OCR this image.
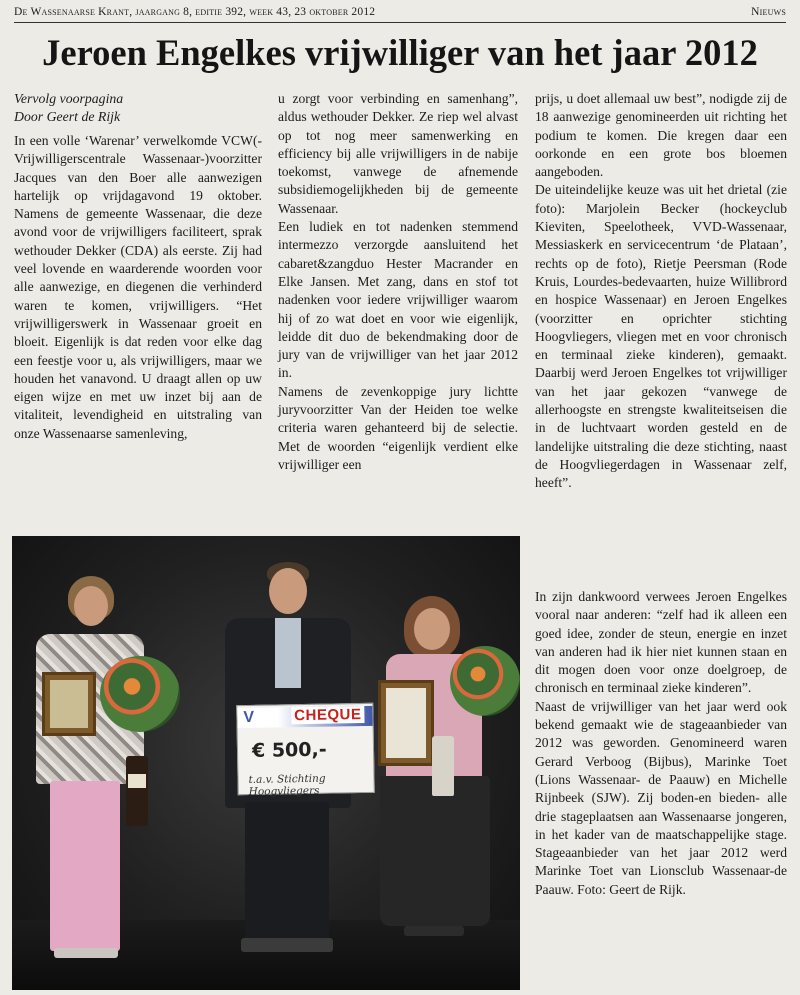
De Wassenaarse Krant, jaargang 8, editie 392, week 43, 23 oktober 2012	Nieuws
Jeroen Engelkes vrijwilliger van het jaar 2012
Vervolg voorpagina
Door Geert de Rijk

In een volle ‘Warenar’ verwelkomde VCW(-Vrijwilligerscentrale Wassenaar-)voorzitter Jacques van den Boer alle aanwezigen hartelijk op vrijdagavond 19 oktober. Namens de gemeente Wassenaar, die deze avond voor de vrijwilligers faciliteert, sprak wethouder Dekker (CDA) als eerste. Zij had veel lovende en waarderende woorden voor alle aanwezige, en diegenen die verhinderd waren te komen, vrijwilligers. “Het vrijwilligerswerk in Wassenaar groeit en bloeit. Eigenlijk is dat reden voor elke dag een feestje voor u, als vrijwilligers, maar we houden het vanavond. U draagt allen op uw eigen wijze en met uw inzet bij aan de vitaliteit, levendigheid en uitstraling van onze Wassenaarse samenleving,

u zorgt voor verbinding en samenhang”, aldus wethouder Dekker. Ze riep wel alvast op tot nog meer samenwerking en efficiency bij alle vrijwilligers in de nabije toekomst, vanwege de afnemende subsidiemogelijkheden bij de gemeente Wassenaar.

Een ludiek en tot nadenken stemmend intermezzo verzorgde aansluitend het cabaret&zangduo Hester Macrander en Elke Jansen. Met zang, dans en stof tot nadenken voor iedere vrijwilliger waarom hij of zo wat doet en voor wie eigenlijk, leidde dit duo de bekendmaking door de jury van de vrijwilliger van het jaar 2012 in.

Namens de zevenkoppige jury lichtte juryvoorzitter Van der Heiden toe welke criteria waren gehanteerd bij de selectie. Met de woorden “eigenlijk verdient elke vrijwilliger een

prijs, u doet allemaal uw best”, nodigde zij de 18 aanwezige genomineerden uit richting het podium te komen. Die kregen daar een oorkonde en een grote bos bloemen aangeboden.

De uiteindelijke keuze was uit het drietal (zie foto): Marjolein Becker (hockeyclub Kieviten, Speelotheek, VVD-Wassenaar, Messiaskerk en servicecentrum ‘de Plataan’, rechts op de foto), Rietje Peersman (Rode Kruis, Lourdes-bedevaarten, huize Willibrord en hospice Wassenaar) en Jeroen Engelkes (voorzitter en oprichter stichting Hoogvliegers, vliegen met en voor chronisch en terminaal zieke kinderen), gemaakt. Daarbij werd Jeroen Engelkes tot vrijwilliger van het jaar gekozen “vanwege de allerhoogste en strengste kwaliteitseisen die in de luchtvaart worden gesteld en de landelijke uitstraling die deze stichting, naast de Hoogvliegerdagen in Wassenaar zelf, heeft”.

In zijn dankwoord verwees Jeroen Engelkes vooral naar anderen: “zelf had ik alleen een goed idee, zonder de steun, energie en inzet van anderen had ik hier niet kunnen staan en dit mogen doen voor onze doelgroep, de chronisch en terminaal zieke kinderen”.

Naast de vrijwilliger van het jaar werd ook bekend gemaakt wie de stageaanbieder van 2012 was geworden. Genomineerd waren Gerard Verboog (Bijbus), Marinke Toet (Lions Wassenaar- de Paauw) en Michelle Rijnbeek (SJW). Zij boden-en bieden- alle drie stageplaatsen aan Wassenaarse jongeren, in het kader van de maatschappelijke stage. Stageaanbieder van het jaar 2012 werd Marinke Toet van Lionsclub Wassenaar-de Paauw. Foto: Geert de Rijk.

V	CHEQUE
€ 500,-
t.a.v. Stichting Hoogvliegers
